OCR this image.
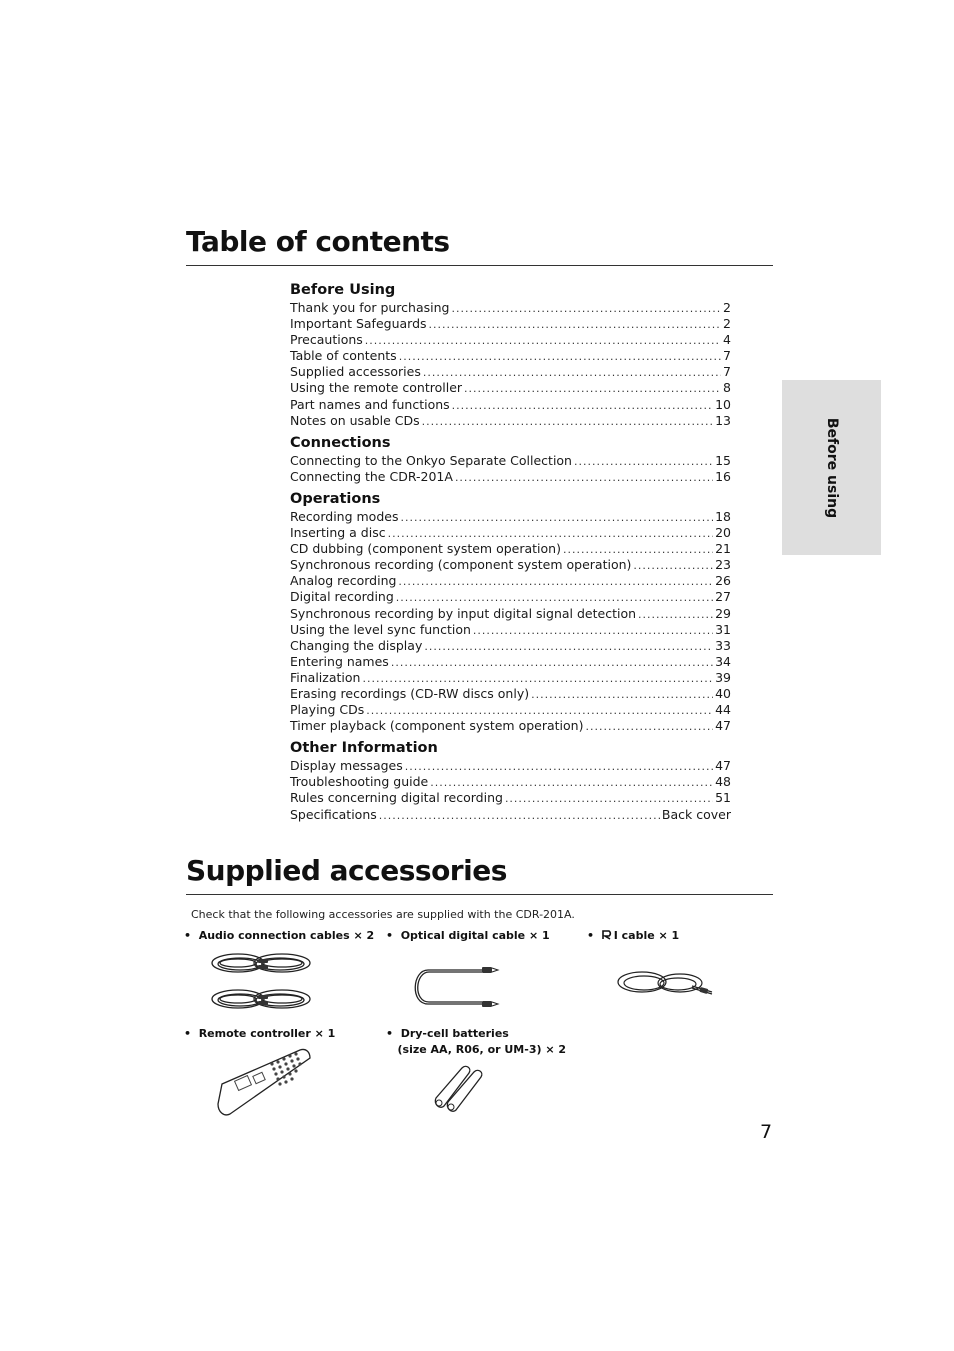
Table of contents
Before Using
Thank you for purchasing .....	2
Important Safeguards .....	2
Precautions .....	4
Table of contents .....	7
Supplied accessories .....	7
Using the remote controller .....	8
Part names and functions .....	10
Notes on usable CDs .....	13
Connections
Connecting to the Onkyo Separate Collection .....	15
Connecting the CDR-201A .....	16
Operations
Recording modes .....	18
Inserting a disc .....	20
CD dubbing (component system operation) .....	21
Synchronous recording (component system operation) .....	23
Analog recording .....	26
Digital recording .....	27
Synchronous recording by input digital signal detection .....	29
Using the level sync function .....	31
Changing the display .....	33
Entering names .....	34
Finalization .....	39
Erasing recordings (CD-RW discs only) .....	40
Playing CDs .....	44
Timer playback (component system operation) .....	47
Other Information
Display messages .....	47
Troubleshooting guide .....	48
Rules concerning digital recording .....	51
Specifications .....	Back cover
Before using
Supplied accessories
Check that the following accessories are supplied with the CDR-201A.
•  Audio connection cables × 2 •  Optical digital cable × 1	•  I cable × 1
•  Remote controller × 1	•  Dry-cell batteries
(size AA, R06, or UM-3) × 2
7
